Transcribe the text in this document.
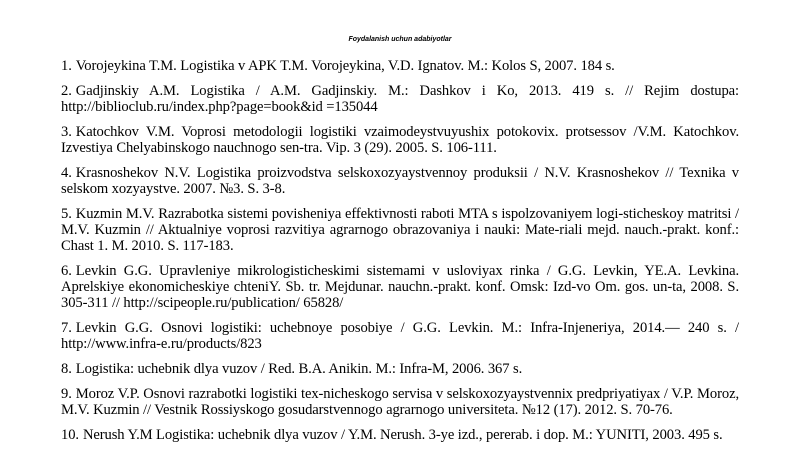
Foydalanish uchun adabiyotlar
1. Vorojeykina T.M. Logistika v APK T.M. Vorojeykina, V.D. Ignatov. M.: Kolos S, 2007. 184 s.
2. Gadjinskiy A.M. Logistika / A.M. Gadjinskiy. M.: Dashkov i Ko, 2013. 419 s. // Rejim dostupa: http://biblioclub.ru/index.php?page=book&id =135044
3. Katochkov V.M. Voprosi metodologii logistiki vzaimodeystvuyushix potokovix. protsessov /V.M. Katochkov. Izvestiya Chelyabinskogo nauchnogo sen-tra. Vip. 3 (29). 2005. S. 106-111.
4. Krasnoshekov N.V. Logistika proizvodstva selskoxozyaystvennoy produksii / N.V. Krasnoshekov // Texnika v selskom xozyaystve. 2007. №3. S. 3-8.
5. Kuzmin M.V. Razrabotka sistemi povisheniya effektivnosti raboti MTA s ispolzovaniyem logi-sticheskoy matritsi / M.V. Kuzmin // Aktualniye voprosi razvitiya agrarnogo obrazovaniya i nauki: Mate-riali mejd. nauch.-prakt. konf.: Chast 1. M. 2010. S. 117-183.
6. Levkin G.G. Upravleniye mikrologisticheskimi sistemami v usloviyax rinka / G.G. Levkin, YE.A. Levkina. Aprelskiye ekonomicheskiye chteniY. Sb. tr. Mejdunar. nauchn.-prakt. konf. Omsk: Izd-vo Om. gos. un-ta, 2008. S. 305-311 // http://scipeople.ru/publication/ 65828/
7. Levkin G.G. Osnovi logistiki: uchebnoye posobiye / G.G. Levkin. M.: Infra-Injeneriya, 2014.— 240 s. / http://www.infra-e.ru/products/823
8. Logistika: uchebnik dlya vuzov / Red. B.A. Anikin. M.: Infra-M, 2006. 367 s.
9. Moroz V.P. Osnovi razrabotki logistiki tex-nicheskogo servisa v selskoxozyaystvennix predpriyatiyax / V.P. Moroz, M.V. Kuzmin // Vestnik Rossiyskogo gosudarstvennogo agrarnogo universiteta. №12 (17). 2012. S. 70-76.
10. Nerush Y.M Logistika: uchebnik dlya vuzov / Y.M. Nerush. 3-ye izd., pererab. i dop. M.: YUNITI, 2003. 495 s.
